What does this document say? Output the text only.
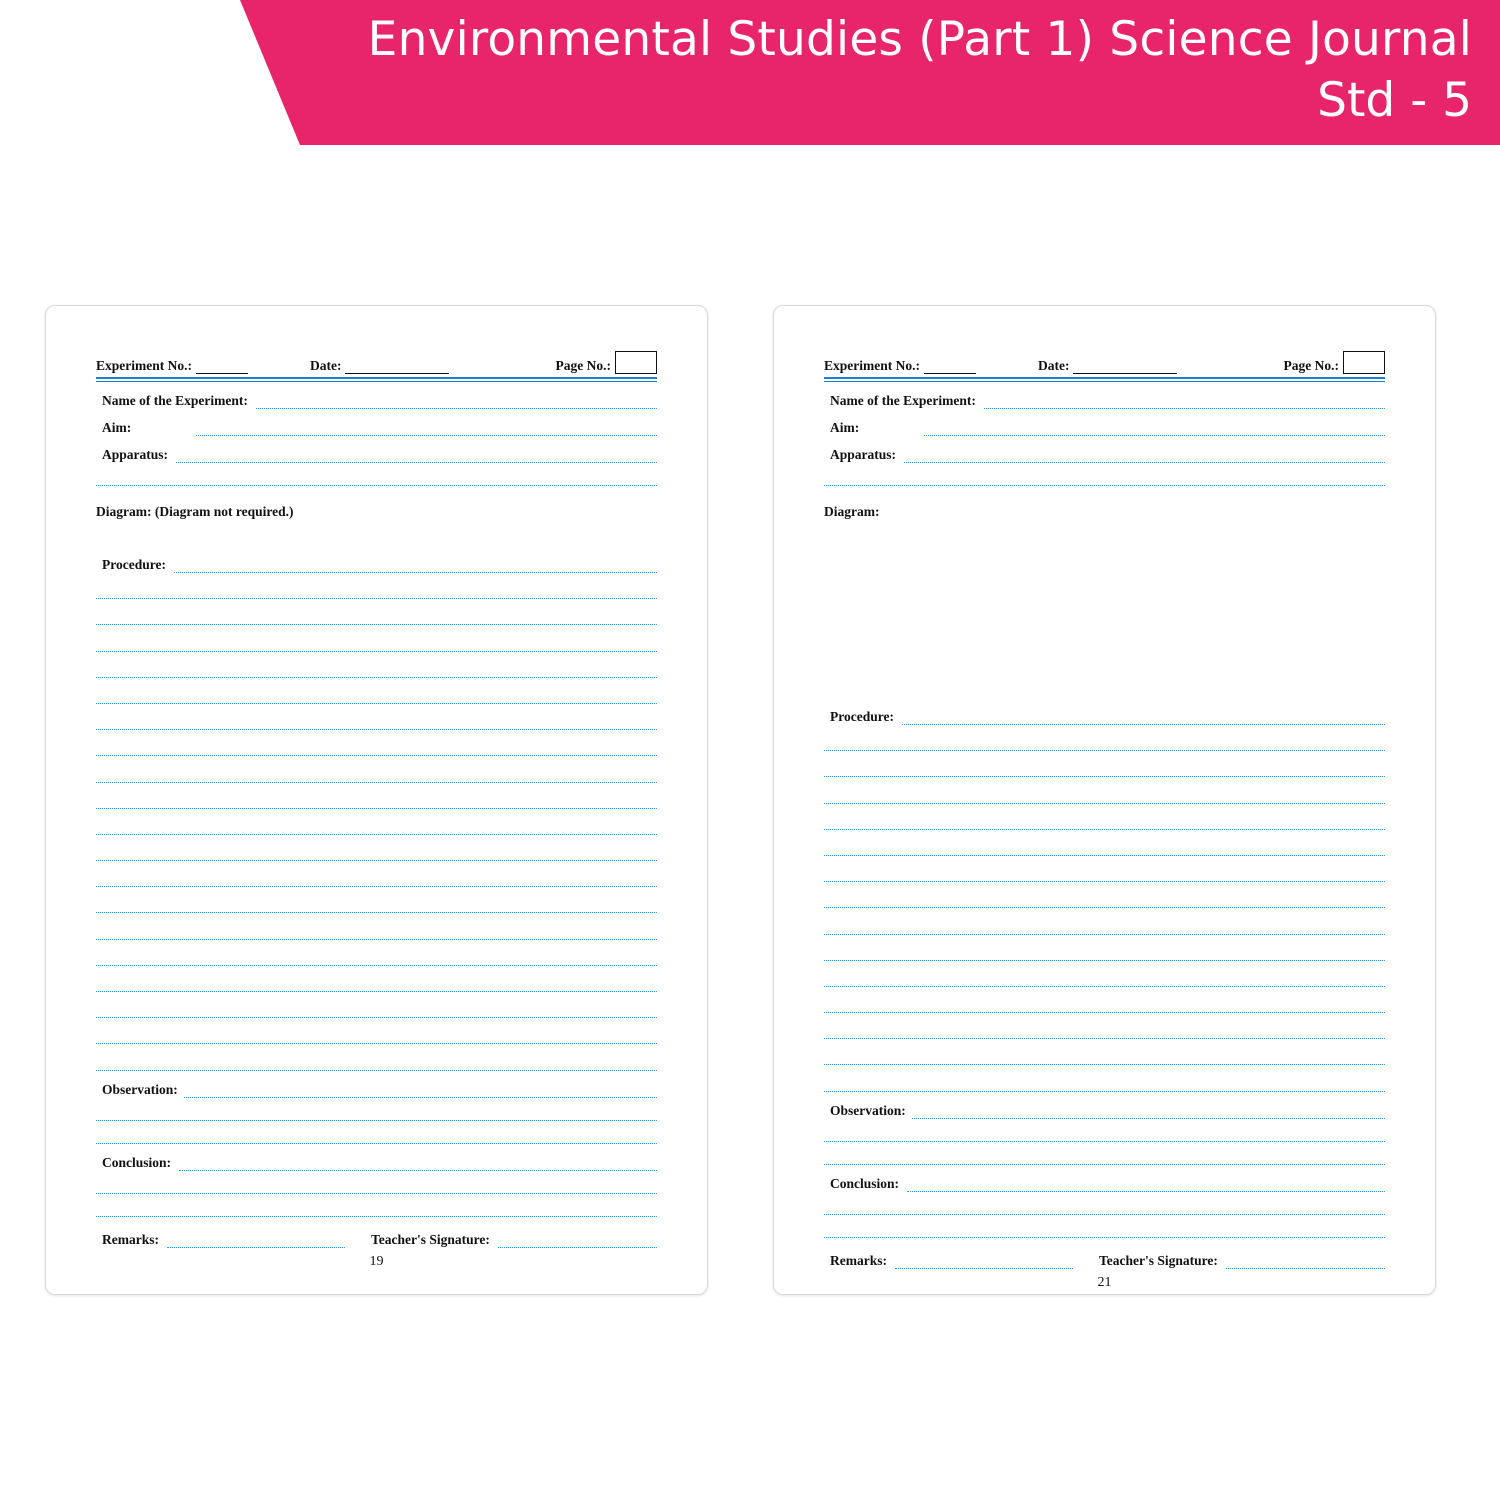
Environmental Studies (Part 1) Science Journal
Std - 5
Experiment No.:	Date:	Page No.:
Name of the Experiment:
Aim:
Apparatus:
Diagram: (Diagram not required.)
Procedure:
Observation:
Conclusion:
Remarks:	Teacher's Signature:
19
Experiment No.:	Date:	Page No.:
Name of the Experiment:
Aim:
Apparatus:
Diagram:
Procedure:
Observation:
Conclusion:
Remarks:	Teacher's Signature:
21
